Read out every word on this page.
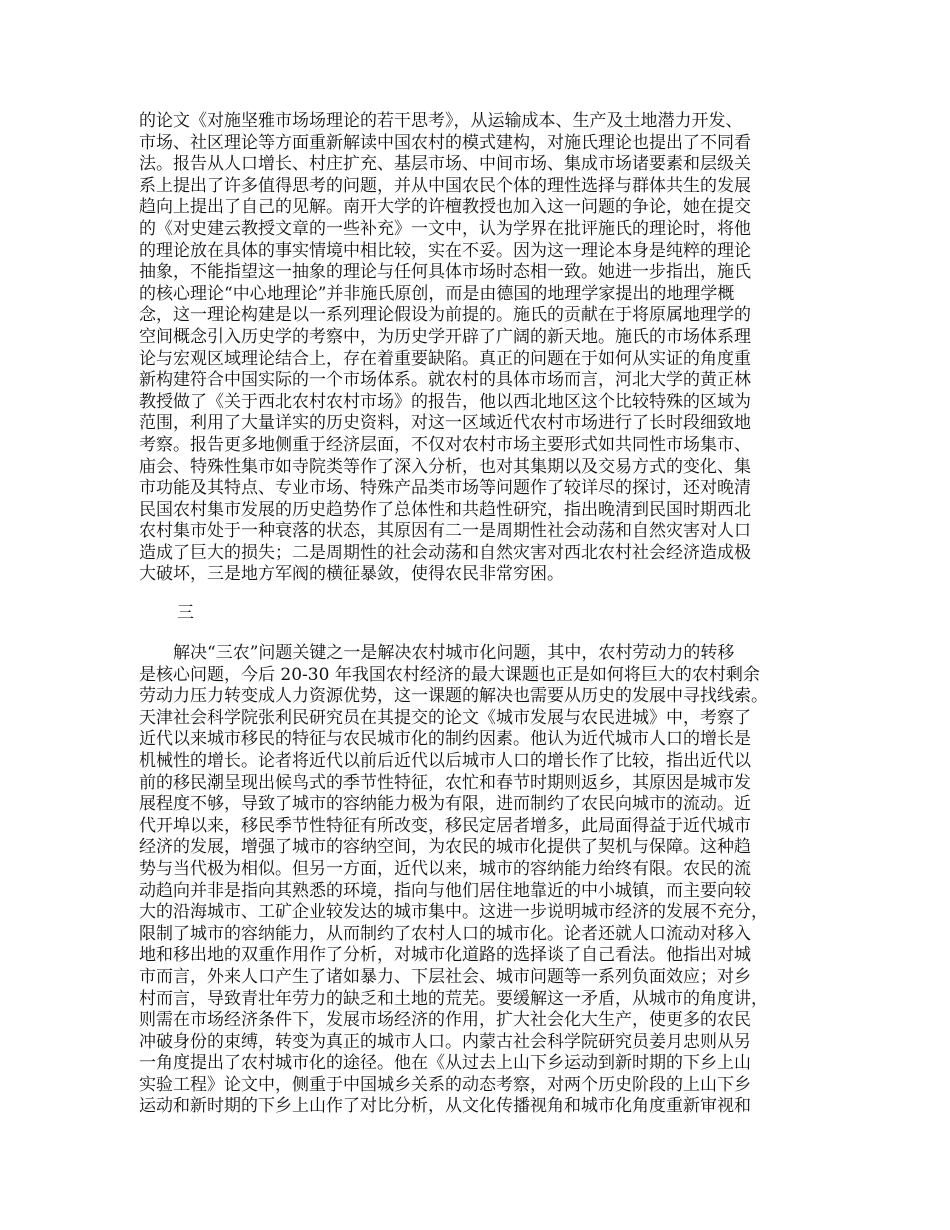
的论文《对施坚雅市场场理论的若干思考》，从运输成本、生产及土地潜力开发、
市场、社区理论等方面重新解读中国农村的模式建构，对施氏理论也提出了不同看
法。报告从人口增长、村庄扩充、基层市场、中间市场、集成市场诸要素和层级关
系上提出了许多值得思考的问题，并从中国农民个体的理性选择与群体共生的发展
趋向上提出了自己的见解。南开大学的许檀教授也加入这一问题的争论，她在提交
的《对史建云教授文章的一些补充》一文中，认为学界在批评施氏的理论时，将他
的理论放在具体的事实情境中相比较，实在不妥。因为这一理论本身是纯粹的理论
抽象，不能指望这一抽象的理论与任何具体市场时态相一致。她进一步指出，施氏
的核心理论“中心地理论”并非施氏原创，而是由德国的地理学家提出的地理学概
念，这一理论构建是以一系列理论假设为前提的。施氏的贡献在于将原属地理学的
空间概念引入历史学的考察中，为历史学开辟了广阔的新天地。施氏的市场体系理
论与宏观区域理论结合上，存在着重要缺陷。真正的问题在于如何从实证的角度重
新构建符合中国实际的一个市场体系。就农村的具体市场而言，河北大学的黄正林
教授做了《关于西北农村农村市场》的报告，他以西北地区这个比较特殊的区域为
范围，利用了大量详实的历史资料，对这一区域近代农村市场进行了长时段细致地
考察。报告更多地侧重于经济层面，不仅对农村市场主要形式如共同性市场集市、
庙会、特殊性集市如寺院类等作了深入分析，也对其集期以及交易方式的变化、集
市功能及其特点、专业市场、特殊产品类市场等问题作了较详尽的探讨，还对晚清
民国农村集市发展的历史趋势作了总体性和共趋性研究，指出晚清到民国时期西北
农村集市处于一种衰落的状态，其原因有二一是周期性社会动荡和自然灾害对人口
造成了巨大的损失；二是周期性的社会动荡和自然灾害对西北农村社会经济造成极
大破坏，三是地方军阀的横征暴敛，使得农民非常穷困。
三
　　解决“三农”问题关键之一是解决农村城市化问题，其中，农村劳动力的转移
是核心问题，今后 20-30 年我国农村经济的最大课题也正是如何将巨大的农村剩余
劳动力压力转变成人力资源优势，这一课题的解决也需要从历史的发展中寻找线索。
天津社会科学院张利民研究员在其提交的论文《城市发展与农民进城》中，考察了
近代以来城市移民的特征与农民城市化的制约因素。他认为近代城市人口的增长是
机械性的增长。论者将近代以前后近代以后城市人口的增长作了比较，指出近代以
前的移民潮呈现出候鸟式的季节性特征，农忙和春节时期则返乡，其原因是城市发
展程度不够，导致了城市的容纳能力极为有限，进而制约了农民向城市的流动。近
代开埠以来，移民季节性特征有所改变，移民定居者增多，此局面得益于近代城市
经济的发展，增强了城市的容纳空间，为农民的城市化提供了契机与保障。这种趋
势与当代极为相似。但另一方面，近代以来，城市的容纳能力绐终有限。农民的流
动趋向并非是指向其熟悉的环境，指向与他们居住地靠近的中小城镇，而主要向较
大的沿海城市、工矿企业较发达的城市集中。这进一步说明城市经济的发展不充分，
限制了城市的容纳能力，从而制约了农村人口的城市化。论者还就人口流动对移入
地和移出地的双重作用作了分析，对城市化道路的选择谈了自己看法。他指出对城
市而言，外来人口产生了诸如暴力、下层社会、城市问题等一系列负面效应；对乡
村而言，导致青壮年劳力的缺乏和土地的荒芜。要缓解这一矛盾，从城市的角度讲，
则需在市场经济条件下，发展市场经济的作用，扩大社会化大生产，使更多的农民
冲破身份的束缚，转变为真正的城市人口。内蒙古社会科学院研究员姜月忠则从另
一角度提出了农村城市化的途径。他在《从过去上山下乡运动到新时期的下乡上山
实验工程》论文中，侧重于中国城乡关系的动态考察，对两个历史阶段的上山下乡
运动和新时期的下乡上山作了对比分析，从文化传播视角和城市化角度重新审视和
